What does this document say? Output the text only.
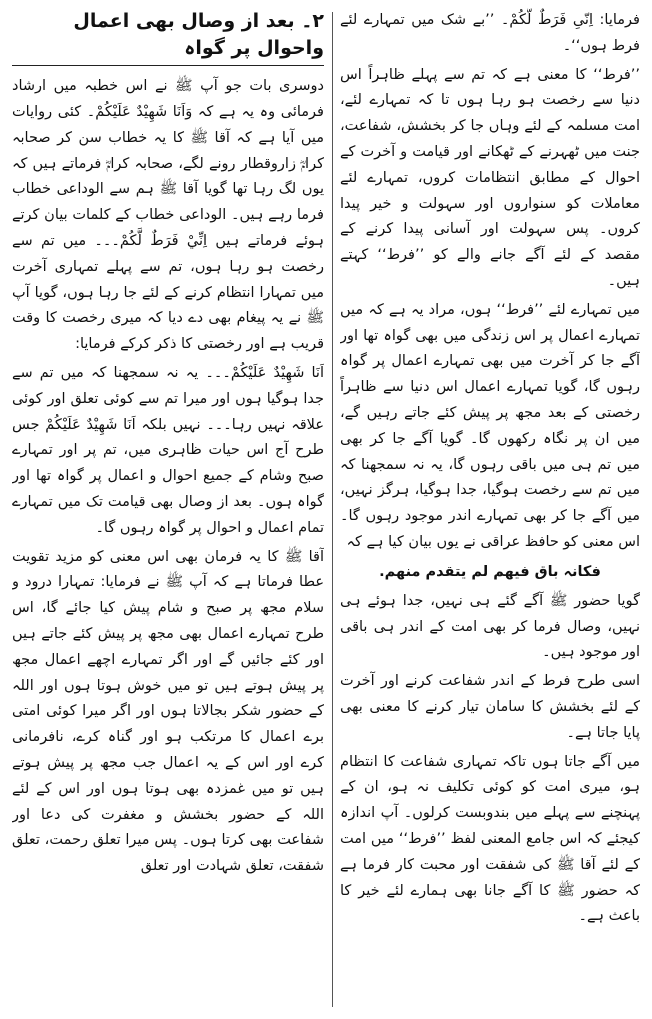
فرمایا: اِنّیِ فَرَطٌ لَّکُمْ۔ ’’بے شک میں تمہارے لئے فرط ہوں‘‘۔

’’فرط‘‘ کا معنی ہے کہ تم سے پہلے ظاہراً اس دنیا سے رخصت ہو رہا ہوں تا کہ تمہارے لئے، امت مسلمہ کے لئے وہاں جا کر بخشش، شفاعت، جنت میں ٹھہرنے کے ٹھکانے اور قیامت و آخرت کے احوال کے مطابق انتظامات کروں، تمہارے لئے معاملات کو سنواروں اور سہولت و خیر پیدا کروں۔ پس سہولت اور آسانی پیدا کرنے کے مقصد کے لئے آگے جانے والے کو ’’فرط‘‘ کہتے ہیں۔

میں تمہارے لئے ’’فرط‘‘ ہوں، مراد یہ ہے کہ میں تمہارے اعمال پر اس زندگی میں بھی گواہ تھا اور آگے جا کر آخرت میں بھی تمہارے اعمال پر گواہ رہوں گا، گویا تمہارے اعمال اس دنیا سے ظاہراً رخصتی کے بعد مجھ پر پیش کئے جاتے رہیں گے، میں ان پر نگاہ رکھوں گا۔ گویا آگے جا کر بھی میں تم ہی میں باقی رہوں گا، یہ نہ سمجھنا کہ میں تم سے رخصت ہوگیا، جدا ہوگیا، ہرگز نہیں، میں آگے جا کر بھی تمہارے اندر موجود رہوں گا۔ اس معنی کو حافظ عراقی نے یوں بیان کیا ہے کہ

فکانہ باق فیھم لم یتقدم منھم.

گویا حضور ﷺ آگے گئے ہی نہیں، جدا ہوئے ہی نہیں، وصال فرما کر بھی امت کے اندر ہی باقی اور موجود ہیں۔

اسی طرح فرط کے اندر شفاعت کرنے اور آخرت کے لئے بخشش کا سامان تیار کرنے کا معنی بھی پایا جاتا ہے۔

میں آگے جاتا ہوں تاکہ تمہاری شفاعت کا انتظام ہو، میری امت کو کوئی تکلیف نہ ہو، ان کے پہنچنے سے پہلے میں بندوبست کرلوں۔ آپ اندازہ کیجئے کہ اس جامع المعنی لفظ ’’فرط‘‘ میں امت کے لئے آقا ﷺ کی شفقت اور محبت کار فرما ہے کہ حضور ﷺ کا آگے جانا بھی ہمارے لئے خیر کا باعث ہے۔

۲۔ بعد از وصال بھی اعمال واحوال پر گواہ

دوسری بات جو آپ ﷺ نے اس خطبہ میں ارشاد فرمائی وہ یہ ہے کہ وَاَنَا شَهِيْدٌ عَلَيْكُمْ۔ کئی روایات میں آیا ہے کہ آقا ﷺ کا یہ خطاب سن کر صحابہ کرامؓ زاروقطار رونے لگے، صحابہ کرامؓ فرماتے ہیں کہ یوں لگ رہا تھا گویا آقا ﷺ ہم سے الوداعی خطاب فرما رہے ہیں۔ الوداعی خطاب کے کلمات بیان کرتے ہوئے فرماتے ہیں اِنِّيْ فَرَطٌ لَّکُمْ۔۔۔ میں تم سے رخصت ہو رہا ہوں، تم سے پہلے تمہاری آخرت میں تمہارا انتظام کرنے کے لئے جا رہا ہوں، گویا آپ ﷺ نے یہ پیغام بھی دے دیا کہ میری رخصت کا وقت قریب ہے اور رخصتی کا ذکر کرکے فرمایا:

اَنَا شَهِيْدٌ عَلَيْكُمْ۔۔۔ یہ نہ سمجھنا کہ میں تم سے جدا ہوگیا ہوں اور میرا تم سے کوئی تعلق اور کوئی علاقہ نہیں رہا۔۔۔ نہیں بلکہ اَنَا شَهِيْدٌ عَلَيْكُمْ جس طرح آج اس حیات ظاہری میں، تم پر اور تمہارے صبح وشام کے جمیع احوال و اعمال پر گواہ تھا اور گواہ ہوں۔ بعد از وصال بھی قیامت تک میں تمہارے تمام اعمال و احوال پر گواہ رہوں گا۔

آقا ﷺ کا یہ فرمان بھی اس معنی کو مزید تقویت عطا فرماتا ہے کہ آپ ﷺ نے فرمایا: تمہارا درود و سلام مجھ پر صبح و شام پیش کیا جائے گا، اس طرح تمہارے اعمال بھی مجھ پر پیش کئے جاتے ہیں اور کئے جائیں گے اور اگر تمہارے اچھے اعمال مجھ پر پیش ہوتے ہیں تو میں خوش ہوتا ہوں اور اللہ کے حضور شکر بجالاتا ہوں اور اگر میرا کوئی امتی برے اعمال کا مرتکب ہو اور گناہ کرے، نافرمانی کرے اور اس کے یہ اعمال جب مجھ پر پیش ہوتے ہیں تو میں غمزدہ بھی ہوتا ہوں اور اس کے لئے اللہ کے حضور بخشش و مغفرت کی دعا اور شفاعت بھی کرتا ہوں۔ پس میرا تعلق رحمت، تعلق شفقت، تعلق شہادت اور تعلق
